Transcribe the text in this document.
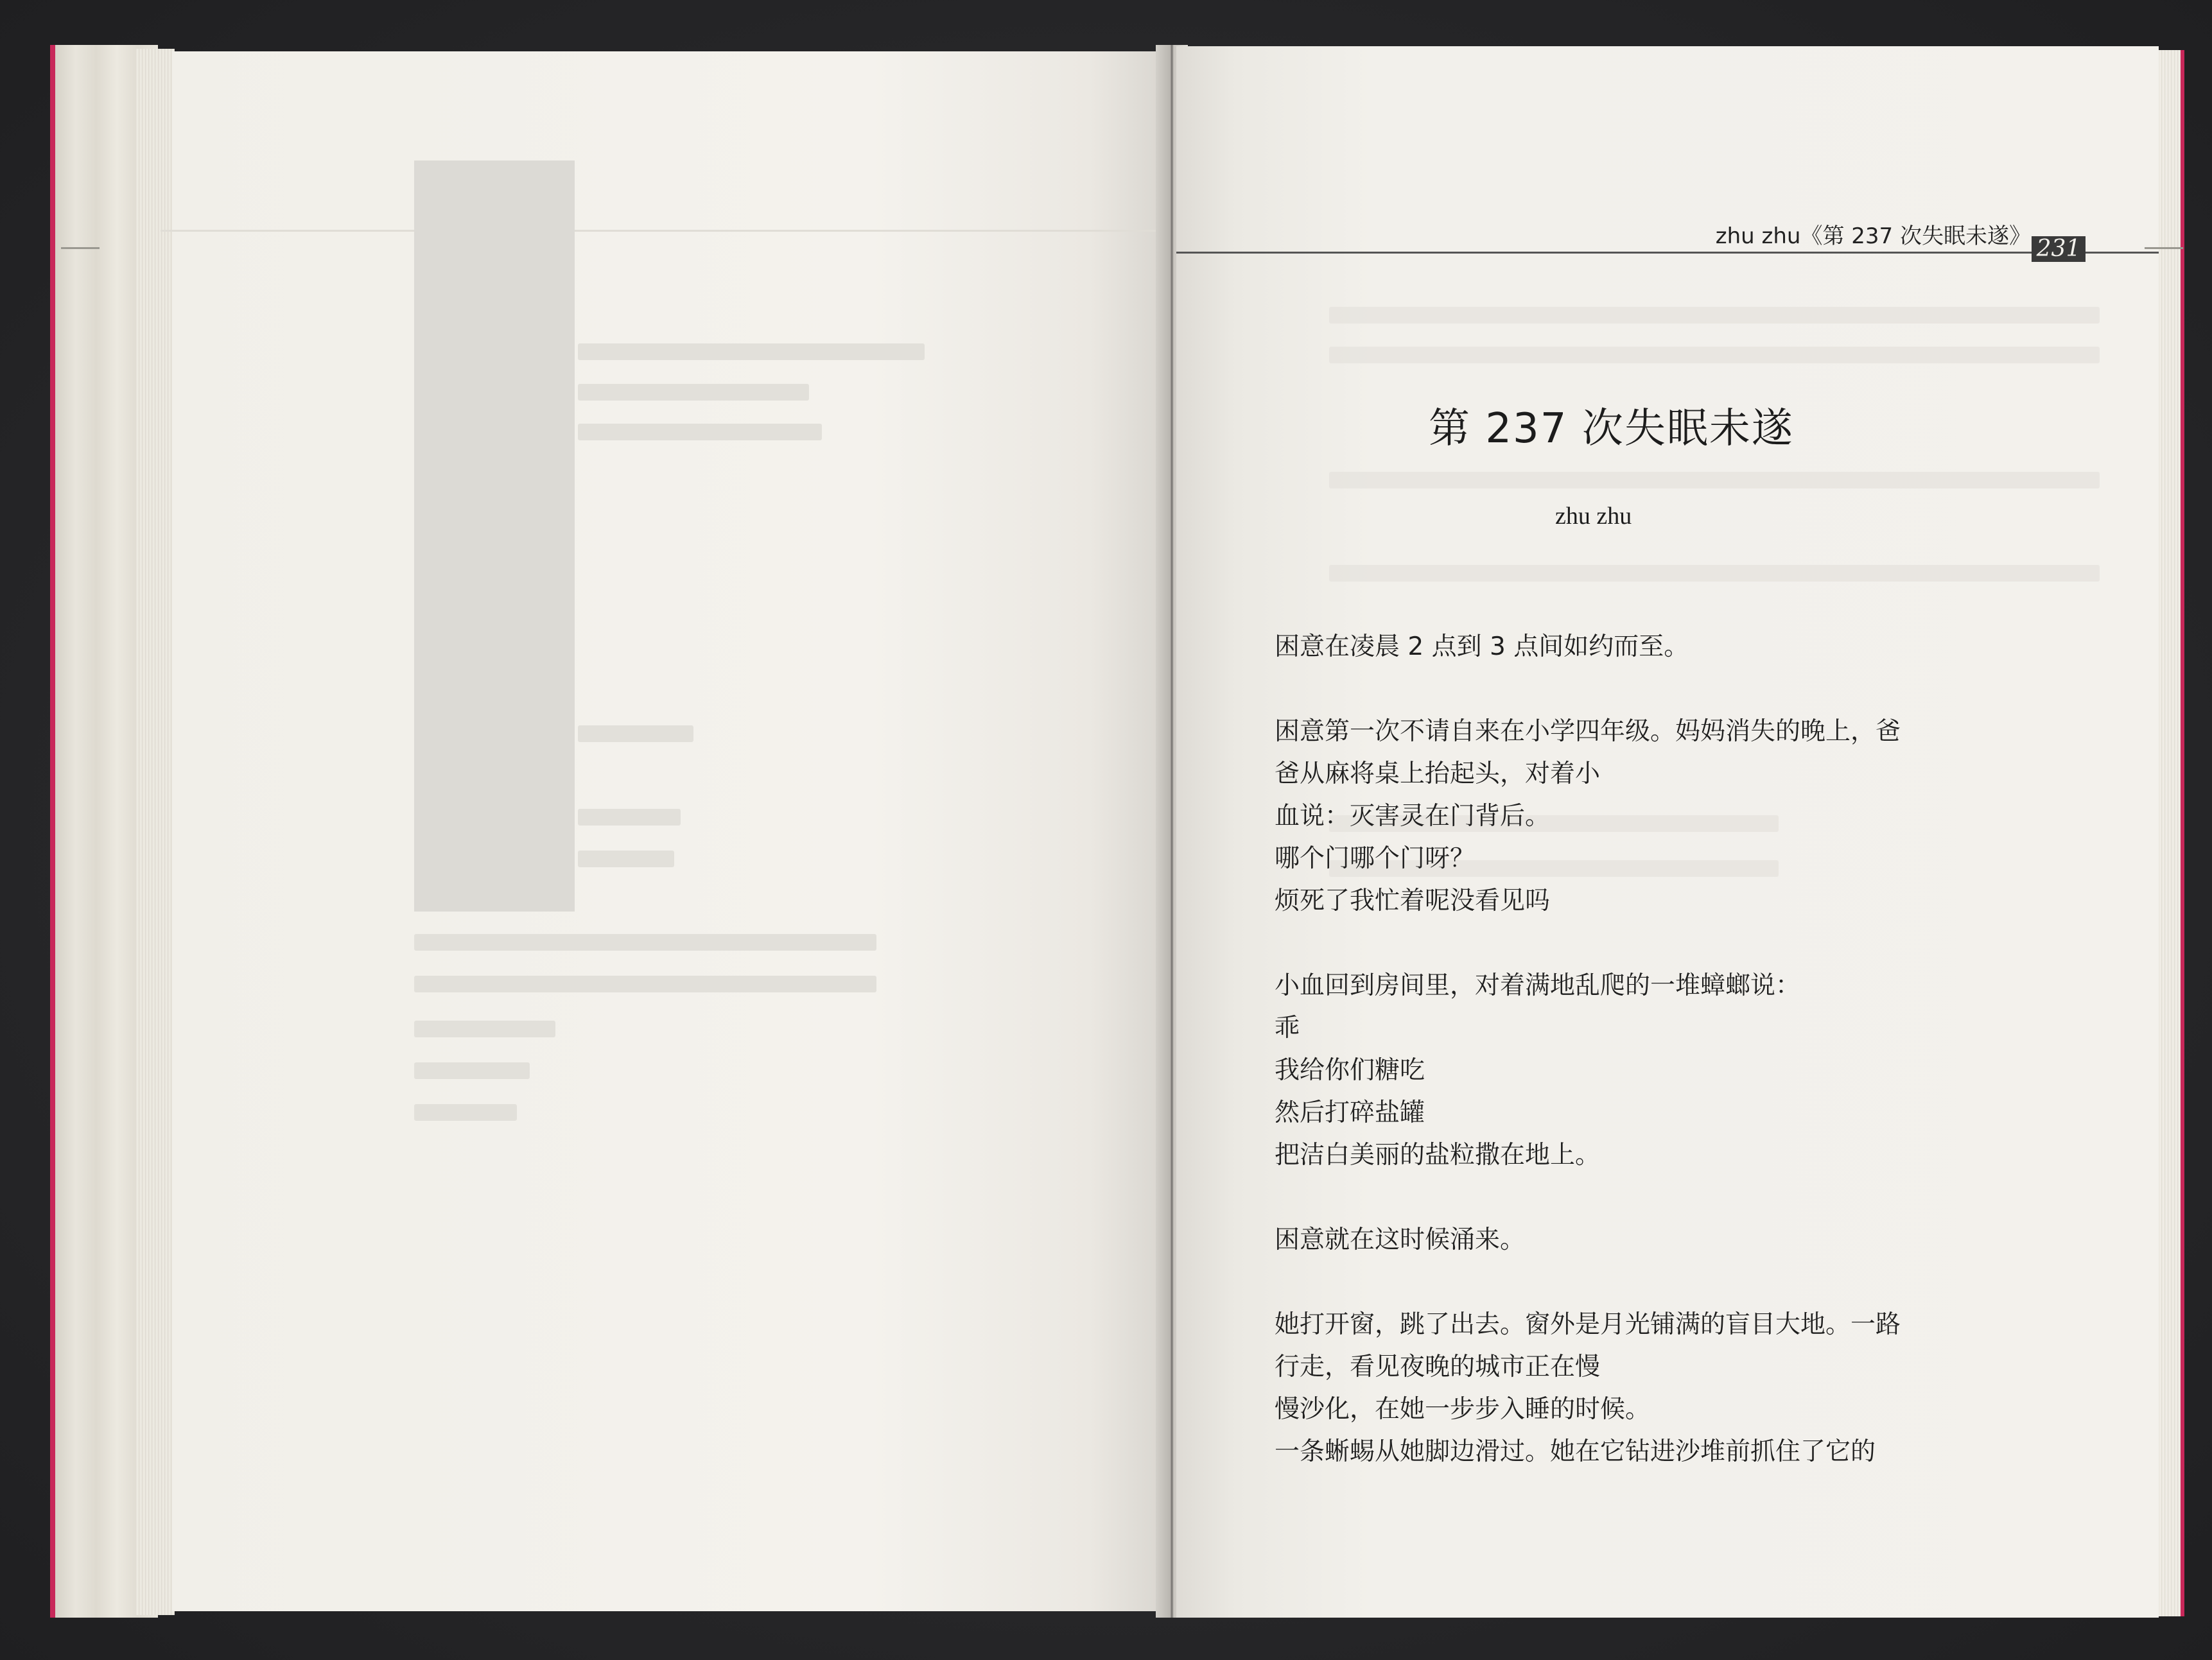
zhu zhu《第 237 次失眠未遂》 231
第 237 次失眠未遂
zhu zhu
困意在凌晨 2 点到 3 点间如约而至。
困意第一次不请自来在小学四年级。妈妈消失的晚上，爸
爸从麻将桌上抬起头，对着小
血说：灭害灵在门背后。
哪个门哪个门呀？
烦死了我忙着呢没看见吗
小血回到房间里，对着满地乱爬的一堆蟑螂说：
乖
我给你们糖吃
然后打碎盐罐
把洁白美丽的盐粒撒在地上。
困意就在这时候涌来。
她打开窗，跳了出去。窗外是月光铺满的盲目大地。一路
行走，看见夜晚的城市正在慢
慢沙化，在她一步步入睡的时候。
一条蜥蜴从她脚边滑过。她在它钻进沙堆前抓住了它的
